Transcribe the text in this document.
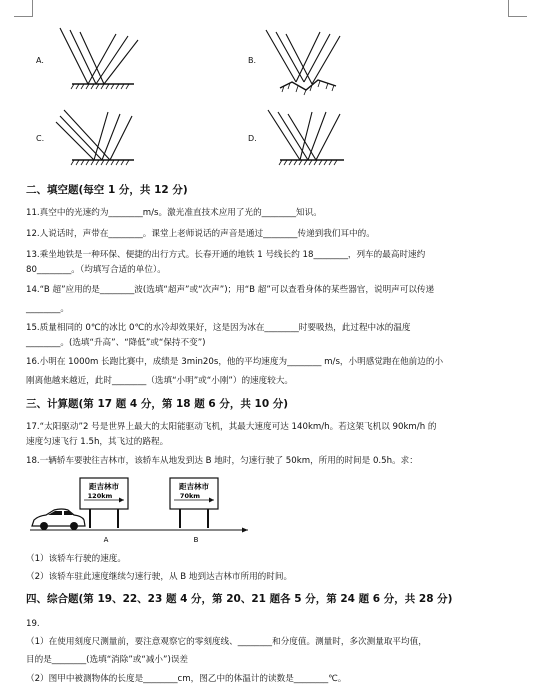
A.	B.
C.	D.
二、填空题(每空 1 分，共 12 分)
11.真空中的光速约为________m/s。激光准直技术应用了光的________知识。
12.人说话时，声带在________。课堂上老师说话的声音是通过________传递到我们耳中的。
13.乘坐地铁是一种环保、便捷的出行方式。长春开通的地铁 1 号线长约 18________，列车的最高时速约
80________。（均填写合适的单位）。
14.“B 超”应用的是________波(选填“超声”或“次声”)；用“B 超”可以查看身体的某些器官，说明声可以传递
________。
15.质量相同的 0℃的冰比 0℃的水冷却效果好，这是因为冰在________时要吸热，此过程中冰的温度
________。(选填“升高”、“降低”或“保持不变”)
16.小明在 1000m 长跑比赛中，成绩是 3min20s，他的平均速度为________ m/s，小明感觉跑在他前边的小
刚离他越来越近，此时________（选填“小明”或“小刚”）的速度较大。
三、计算题(第 17 题 4 分，第 18 题 6 分，共 10 分)
17.“太阳驱动”2 号是世界上最大的太阳能驱动飞机，其最大速度可达 140km/h。若这架飞机以 90km/h 的
速度匀速飞行 1.5h，其飞过的路程。
18.一辆轿车要驶往吉林市，该轿车从地发到达 B 地时，匀速行驶了 50km，所用的时间是 0.5h。求：
距吉林市
120km
距吉林市
70km
A	B
（1）该轿车行驶的速度。
（2）该轿车驻此速度继续匀速行驶，从 B 地到达吉林市所用的时间。
四、综合题(第 19、22、23 题 4 分，第 20、21 题各 5 分，第 24 题 6 分，共 28 分)
19.
（1）在使用刻度尺测量前，要注意观察它的零刻度线、________和分度值。测量时，多次测量取平均值，
目的是________(选填“消除”或“减小”)误差
（2）图甲中被测物体的长度是________cm，图乙中的体温计的读数是________℃。
